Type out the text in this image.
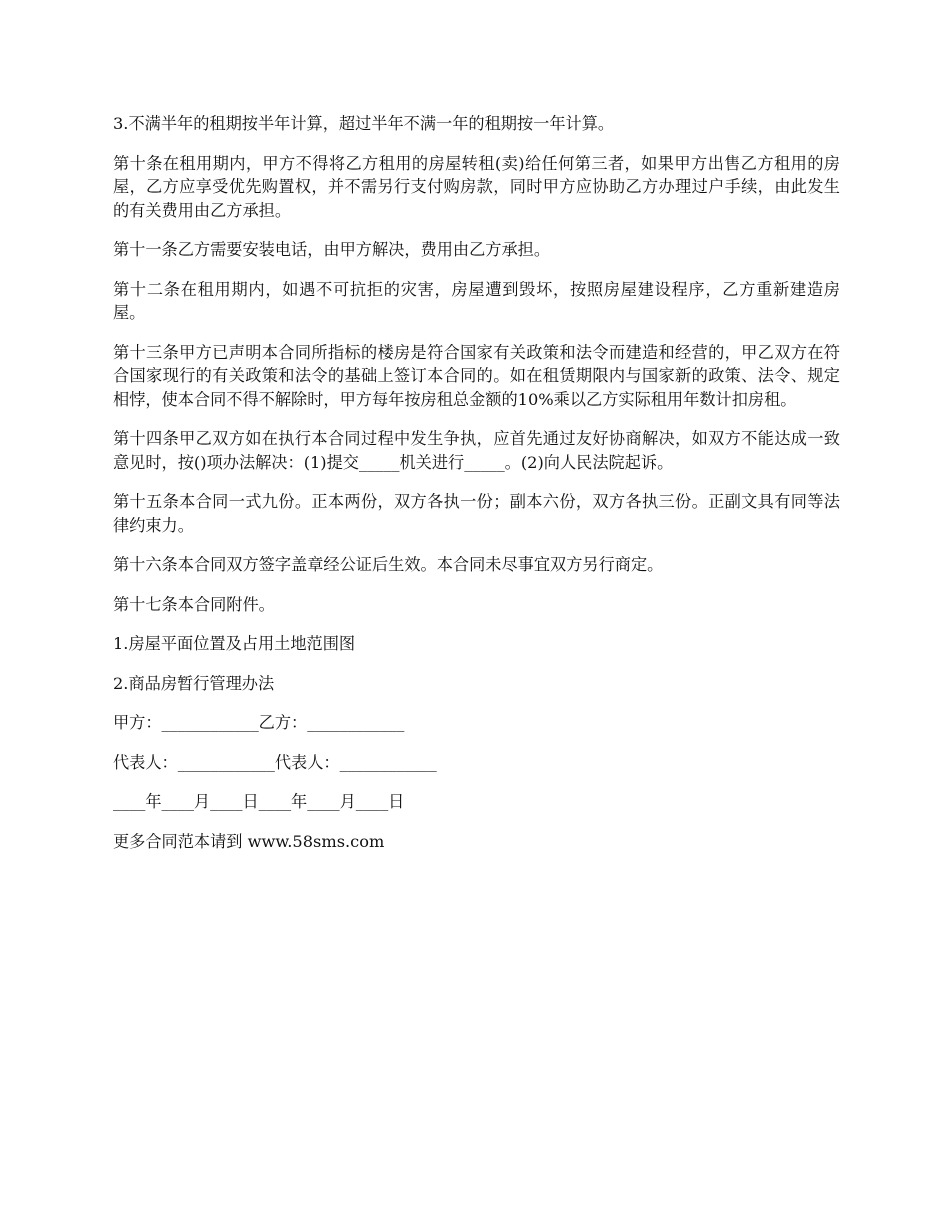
3.不满半年的租期按半年计算，超过半年不满一年的租期按一年计算。

第十条在租用期内，甲方不得将乙方租用的房屋转租(卖)给任何第三者，如果甲方出售乙方租用的房屋，乙方应享受优先购置权，并不需另行支付购房款，同时甲方应协助乙方办理过户手续，由此发生的有关费用由乙方承担。

第十一条乙方需要安装电话，由甲方解决，费用由乙方承担。

第十二条在租用期内，如遇不可抗拒的灾害，房屋遭到毁坏，按照房屋建设程序，乙方重新建造房屋。

第十三条甲方已声明本合同所指标的楼房是符合国家有关政策和法令而建造和经营的，甲乙双方在符合国家现行的有关政策和法令的基础上签订本合同的。如在租赁期限内与国家新的政策、法令、规定相悖，使本合同不得不解除时，甲方每年按房租总金额的10%乘以乙方实际租用年数计扣房租。

第十四条甲乙双方如在执行本合同过程中发生争执，应首先通过友好协商解决，如双方不能达成一致意见时，按()项办法解决：(1)提交_____机关进行_____。(2)向人民法院起诉。

第十五条本合同一式九份。正本两份，双方各执一份；副本六份，双方各执三份。正副文具有同等法律约束力。

第十六条本合同双方签字盖章经公证后生效。本合同未尽事宜双方另行商定。

第十七条本合同附件。

1.房屋平面位置及占用土地范围图

2.商品房暂行管理办法

甲方：____________乙方：____________

代表人：____________代表人：____________

____年____月____日____年____月____日

更多合同范本请到 www.58sms.com
